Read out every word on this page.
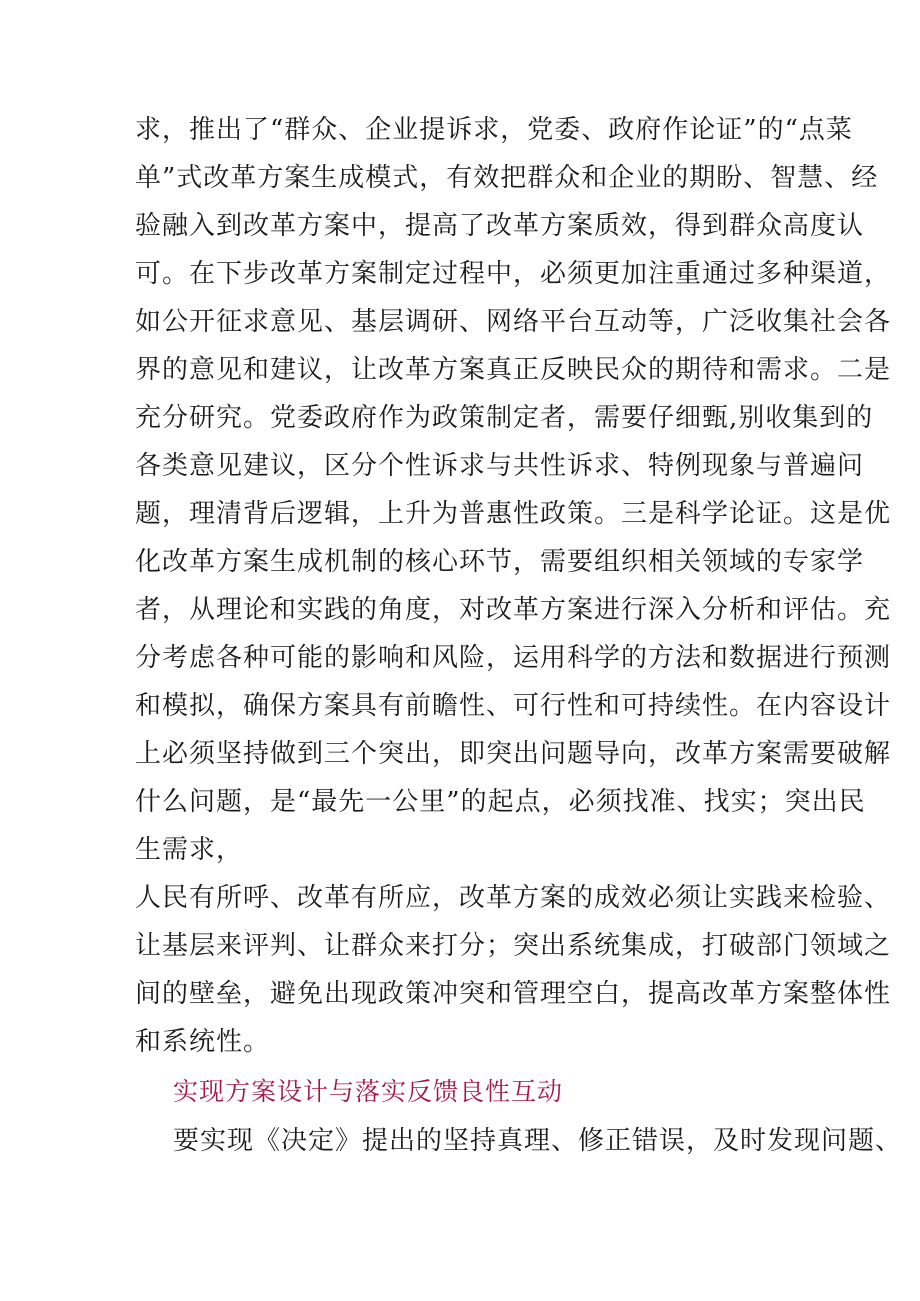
求，推出了“群众、企业提诉求，党委、政府作论证”的“点菜
单”式改革方案生成模式，有效把群众和企业的期盼、智慧、经
验融入到改革方案中，提高了改革方案质效，得到群众高度认
可。在下步改革方案制定过程中，必须更加注重通过多种渠道，
如公开征求意见、基层调研、网络平台互动等，广泛收集社会各
界的意见和建议，让改革方案真正反映民众的期待和需求。二是
充分研究。党委政府作为政策制定者，需要仔细甄,别收集到的
各类意见建议，区分个性诉求与共性诉求、特例现象与普遍问
题，理清背后逻辑，上升为普惠性政策。三是科学论证。这是优
化改革方案生成机制的核心环节，需要组织相关领域的专家学
者，从理论和实践的角度，对改革方案进行深入分析和评估。充
分考虑各种可能的影响和风险，运用科学的方法和数据进行预测
和模拟，确保方案具有前瞻性、可行性和可持续性。在内容设计
上必须坚持做到三个突出，即突出问题导向，改革方案需要破解
什么问题，是“最先一公里”的起点，必须找准、找实；突出民
生需求，
人民有所呼、改革有所应，改革方案的成效必须让实践来检验、
让基层来评判、让群众来打分；突出系统集成，打破部门领域之
间的壁垒，避免出现政策冲突和管理空白，提高改革方案整体性
和系统性。
实现方案设计与落实反馈良性互动
要实现《决定》提出的坚持真理、修正错误，及时发现问题、
